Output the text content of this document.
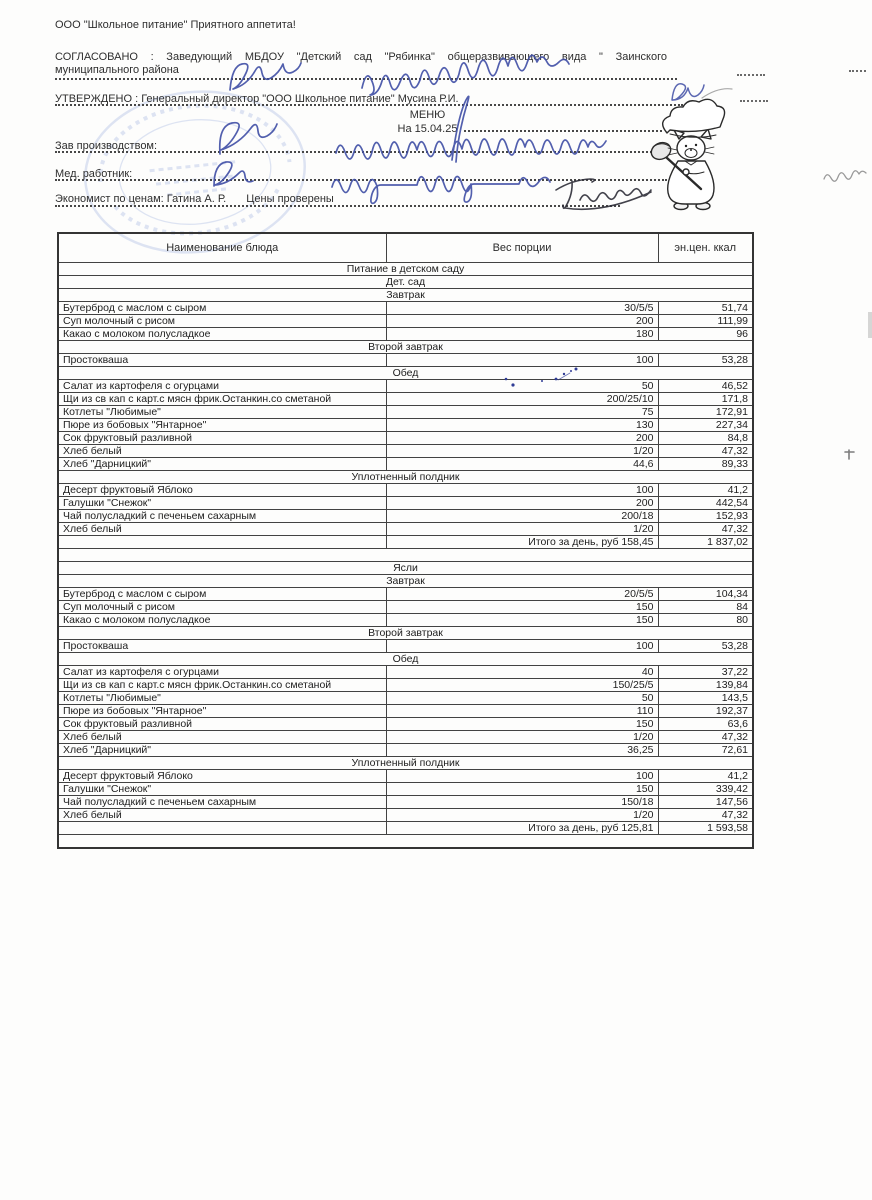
ООО "Школьное питание" Приятного аппетита!
СОГЛАСОВАНО : Заведующий МБДОУ "Детский сад "Рябинка" общеразвивающего вида " Заинского
муниципального района
УТВЕРЖДЕНО : Генеральный директор "ООО Школьное питание" Мусина Р.И.
МЕНЮ
На 15.04.25
Зав производством:
Мед. работник:
Экономист по ценам: Гатина А. Р. Цены проверены
Наименование блюда	Вес порции	эн.цен. ккал
Питание в детском саду		
Дет. сад		
Завтрак		
Бутерброд с маслом с сыром	30/5/5	51,74
Суп молочный с рисом	200	111,99
Какао с молоком полусладкое	180	96
Второй завтрак		
Простокваша	100	53,28
Обед		
Салат из картофеля с огурцами	50	46,52
Щи из св кап с карт.с мясн фрик.Останкин.со сметаной	200/25/10	171,8
Котлеты "Любимые"	75	172,91
Пюре из бобовых "Янтарное"	130	227,34
Сок фруктовый разливной	200	84,8
Хлеб белый	1/20	47,32
Хлеб "Дарницкий"	44,6	89,33
Уплотненный полдник		
Десерт фруктовый Яблоко	100	41,2
Галушки "Снежок"	200	442,54
Чай полусладкий с печеньем сахарным	200/18	152,93
Хлеб белый	1/20	47,32
	Итого за день, руб 158,45	1 837,02

Ясли		
Завтрак		
Бутерброд с маслом с сыром	20/5/5	104,34
Суп молочный с рисом	150	84
Какао с молоком полусладкое	150	80
Второй завтрак		
Простокваша	100	53,28
Обед		
Салат из картофеля с огурцами	40	37,22
Щи из св кап с карт.с мясн фрик.Останкин.со сметаной	150/25/5	139,84
Котлеты "Любимые"	50	143,5
Пюре из бобовых "Янтарное"	110	192,37
Сок фруктовый разливной	150	63,6
Хлеб белый	1/20	47,32
Хлеб "Дарницкий"	36,25	72,61
Уплотненный полдник		
Десерт фруктовый Яблоко	100	41,2
Галушки "Снежок"	150	339,42
Чай полусладкий с печеньем сахарным	150/18	147,56
Хлеб белый	1/20	47,32
	Итого за день, руб 125,81	1 593,58
